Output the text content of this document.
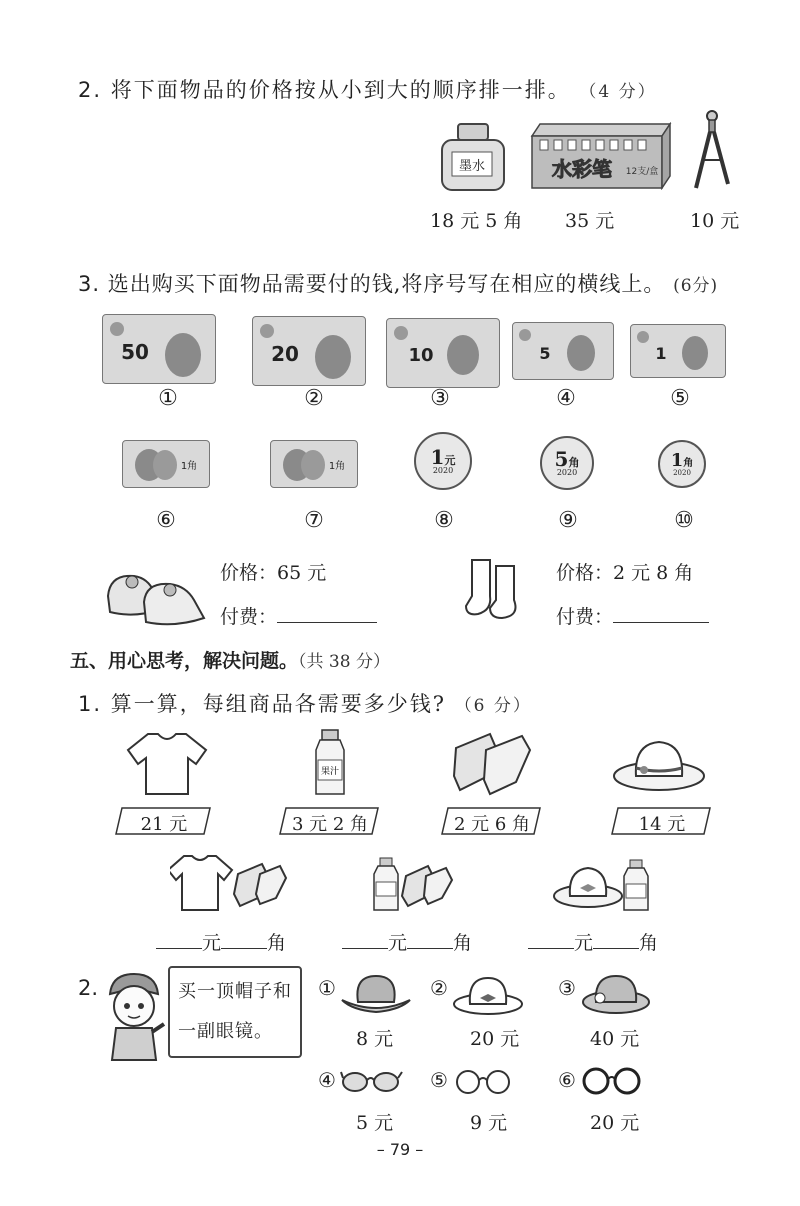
2. 将下面物品的价格按从小到大的顺序排一排。 （4 分）
墨水	水彩笔 12支/盒
18 元 5 角 35 元	10 元
3. 选出购买下面物品需要付的钱,将序号写在相应的横线上。 (6分)
50	20	10	5	1
①	②	③	④	⑤
1角	1角	1元
2020	5角
2020
1角
2020
⑥	⑦	⑧	⑨	⑩
价格：65 元
付费：
价格：2 元 8 角
付费：
五、用心思考，解决问题。（共 38 分）
1. 算一算，每组商品各需要多少钱? （6 分）
果汁
21 元	3 元 2 角	2 元 6 角	14 元
元 角	元 角	元 角
2.	买一顶帽子和
一副眼镜。
①
8 元
②
20 元
③
40 元
④
5 元
⑤
9 元
⑥
20 元
– 79 –
